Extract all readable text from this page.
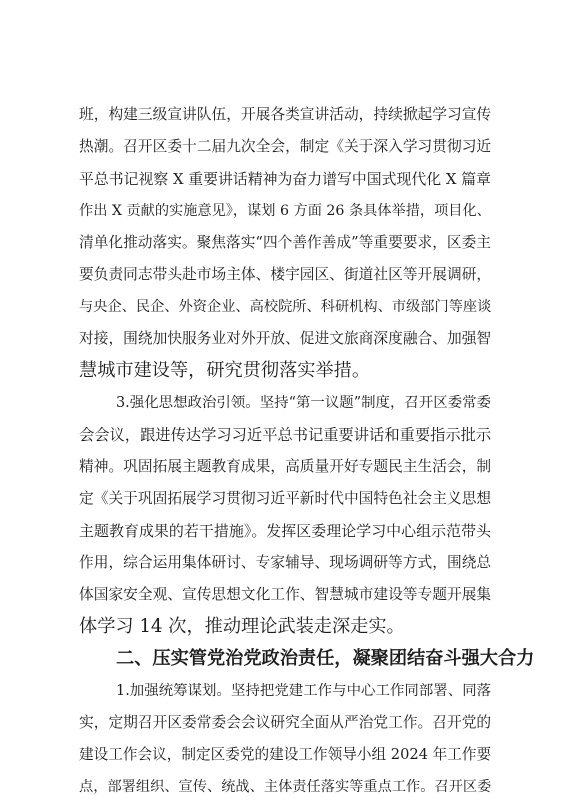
班，构建三级宣讲队伍，开展各类宣讲活动，持续掀起学习宣传
热潮。召开区委十二届九次全会，制定《关于深入学习贯彻习近
平总书记视察 X 重要讲话精神为奋力谱写中国式现代化 X 篇章
作出 X 贡献的实施意见》，谋划 6 方面 26 条具体举措，项目化、
清单化推动落实。聚焦落实“四个善作善成”等重要要求，区委主
要负责同志带头赴市场主体、楼宇园区、街道社区等开展调研，
与央企、民企、外资企业、高校院所、科研机构、市级部门等座谈
对接，围绕加快服务业对外开放、促进文旅商深度融合、加强智
慧城市建设等，研究贯彻落实举措。
3.强化思想政治引领。坚持“第一议题”制度，召开区委常委
会会议，跟进传达学习习近平总书记重要讲话和重要指示批示
精神。巩固拓展主题教育成果，高质量开好专题民主生活会，制
定《关于巩固拓展学习贯彻习近平新时代中国特色社会主义思想
主题教育成果的若干措施》。发挥区委理论学习中心组示范带头
作用，综合运用集体研讨、专家辅导、现场调研等方式，围绕总
体国家安全观、宣传思想文化工作、智慧城市建设等专题开展集
体学习 14 次，推动理论武装走深走实。
二、压实管党治党政治责任，凝聚团结奋斗强大合力
1.加强统筹谋划。坚持把党建工作与中心工作同部署、同落
实，定期召开区委常委会会议研究全面从严治党工作。召开党的
建设工作会议，制定区委党的建设工作领导小组 2024 年工作要
点，部署组织、宣传、统战、主体责任落实等重点工作。召开区委
